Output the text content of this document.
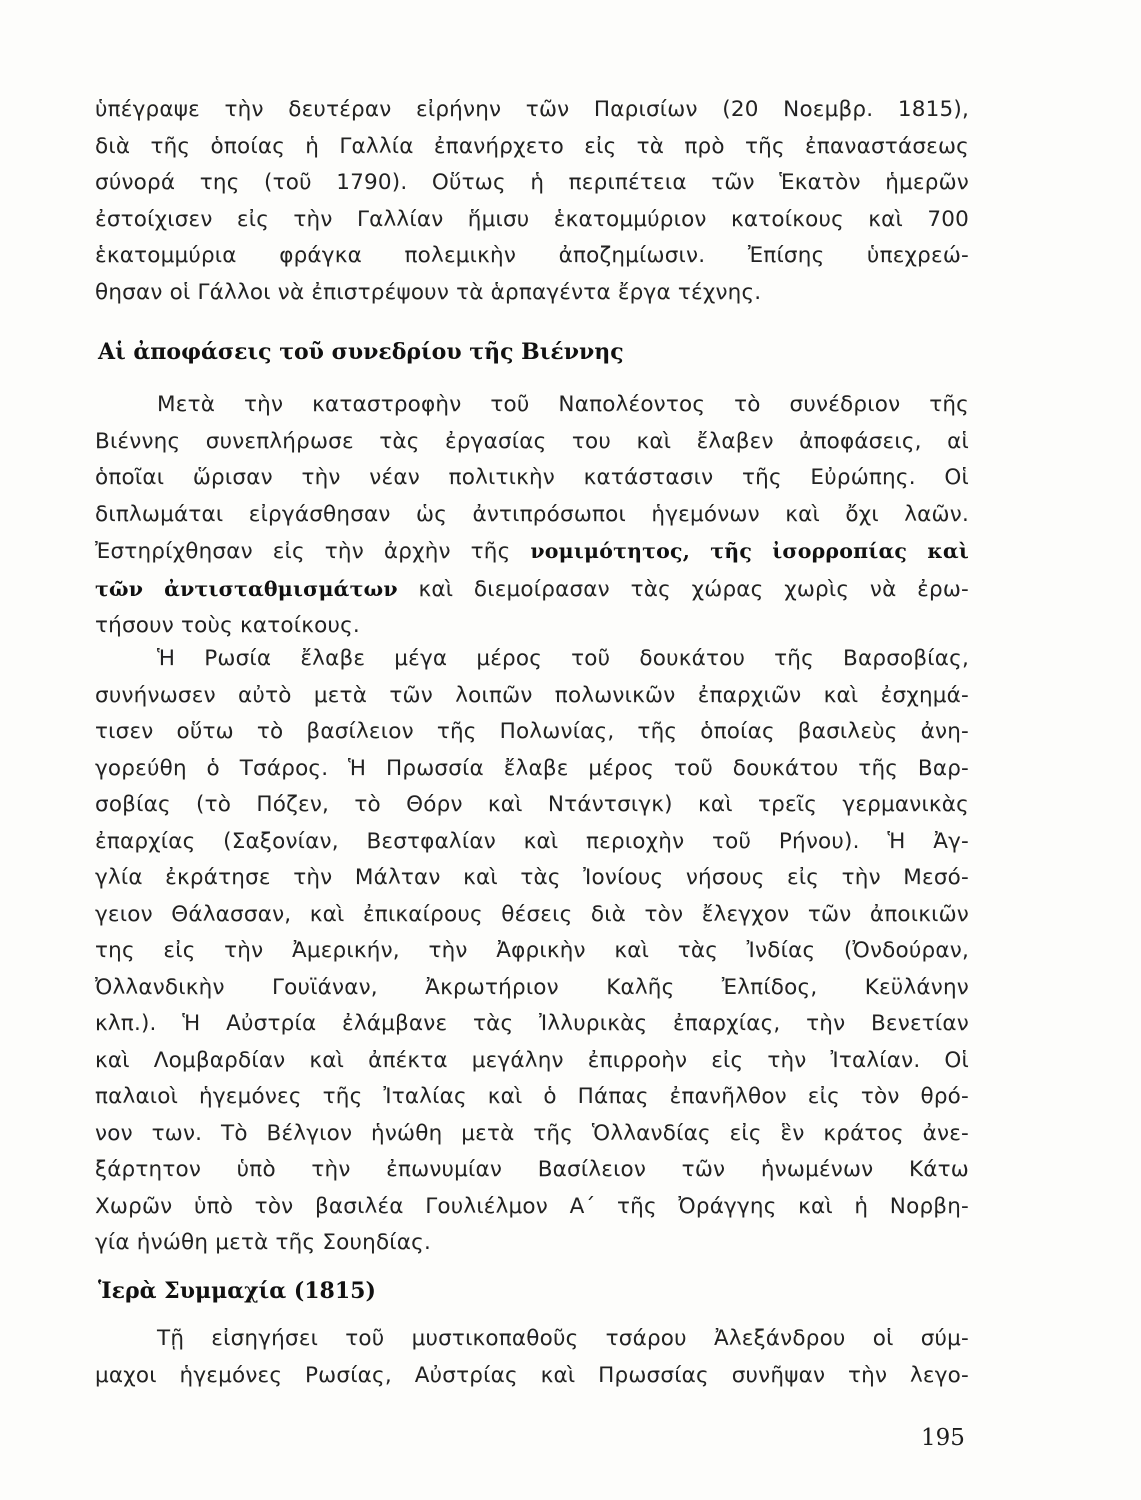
ὑπέγραψε τὴν δευτέραν εἰρήνην τῶν Παρισίων (20 Νοεμβρ. 1815),
διὰ τῆς ὁποίας ἡ Γαλλία ἐπανήρχετο εἰς τὰ πρὸ τῆς ἐπαναστάσεως
σύνορά της (τοῦ 1790). Οὕτως ἡ περιπέτεια τῶν Ἑκατὸν ἡμερῶν
ἐστοίχισεν εἰς τὴν Γαλλίαν ἥμισυ ἑκατομμύριον κατοίκους καὶ 700
ἑκατομμύρια φράγκα πολεμικὴν ἀποζημίωσιν. Ἐπίσης ὑπεχρεώ-
θησαν οἱ Γάλλοι νὰ ἐπιστρέψουν τὰ ἁρπαγέντα ἔργα τέχνης.
Αἱ ἀποφάσεις τοῦ συνεδρίου τῆς Βιέννης
Μετὰ τὴν καταστροφὴν τοῦ Ναπολέοντος τὸ συνέδριον τῆς
Βιέννης συνεπλήρωσε τὰς ἐργασίας του καὶ ἔλαβεν ἀποφάσεις, αἱ
ὁποῖαι ὥρισαν τὴν νέαν πολιτικὴν κατάστασιν τῆς Εὐρώπης. Οἱ
διπλωμάται εἰργάσθησαν ὡς ἀντιπρόσωποι ἡγεμόνων καὶ ὄχι λαῶν.
Ἐστηρίχθησαν εἰς τὴν ἀρχὴν τῆς νομιμότητος, τῆς ἰσορροπίας καὶ
τῶν ἀντισταθμισμάτων καὶ διεμοίρασαν τὰς χώρας χωρὶς νὰ ἐρω-
τήσουν τοὺς κατοίκους.
Ἡ Ρωσία ἔλαβε μέγα μέρος τοῦ δουκάτου τῆς Βαρσοβίας,
συνήνωσεν αὐτὸ μετὰ τῶν λοιπῶν πολωνικῶν ἐπαρχιῶν καὶ ἐσχημά-
τισεν οὕτω τὸ βασίλειον τῆς Πολωνίας, τῆς ὁποίας βασιλεὺς ἀνη-
γορεύθη ὁ Τσάρος. Ἡ Πρωσσία ἔλαβε μέρος τοῦ δουκάτου τῆς Βαρ-
σοβίας (τὸ Πόζεν, τὸ Θόρν καὶ Ντάντσιγκ) καὶ τρεῖς γερμανικὰς
ἐπαρχίας (Σαξονίαν, Βεστφαλίαν καὶ περιοχὴν τοῦ Ρήνου). Ἡ Ἀγ-
γλία ἐκράτησε τὴν Μάλταν καὶ τὰς Ἰονίους νήσους εἰς τὴν Μεσό-
γειον Θάλασσαν, καὶ ἐπικαίρους θέσεις διὰ τὸν ἔλεγχον τῶν ἀποικιῶν
της εἰς τὴν Ἀμερικήν, τὴν Ἀφρικὴν καὶ τὰς Ἰνδίας (Ὀνδούραν,
Ὀλλανδικὴν Γουϊάναν, Ἀκρωτήριον Καλῆς Ἐλπίδος, Κεϋλάνην
κλπ.). Ἡ Αὐστρία ἐλάμβανε τὰς Ἰλλυρικὰς ἐπαρχίας, τὴν Βενετίαν
καὶ Λομβαρδίαν καὶ ἀπέκτα μεγάλην ἐπιρροὴν εἰς τὴν Ἰταλίαν. Οἱ
παλαιοὶ ἡγεμόνες τῆς Ἰταλίας καὶ ὁ Πάπας ἐπανῆλθον εἰς τὸν θρό-
νον των. Τὸ Βέλγιον ἡνώθη μετὰ τῆς Ὁλλανδίας εἰς ἓν κράτος ἀνε-
ξάρτητον ὑπὸ τὴν ἐπωνυμίαν Βασίλειον τῶν ἡνωμένων Κάτω
Χωρῶν ὑπὸ τὸν βασιλέα Γουλιέλμον Α΄ τῆς Ὀράγγης καὶ ἡ Νορβη-
γία ἡνώθη μετὰ τῆς Σουηδίας.
Ἱερὰ Συμμαχία (1815)
Τῇ εἰσηγήσει τοῦ μυστικοπαθοῦς τσάρου Ἀλεξάνδρου οἱ σύμ-
μαχοι ἡγεμόνες Ρωσίας, Αὐστρίας καὶ Πρωσσίας συνῆψαν τὴν λεγο-
195
